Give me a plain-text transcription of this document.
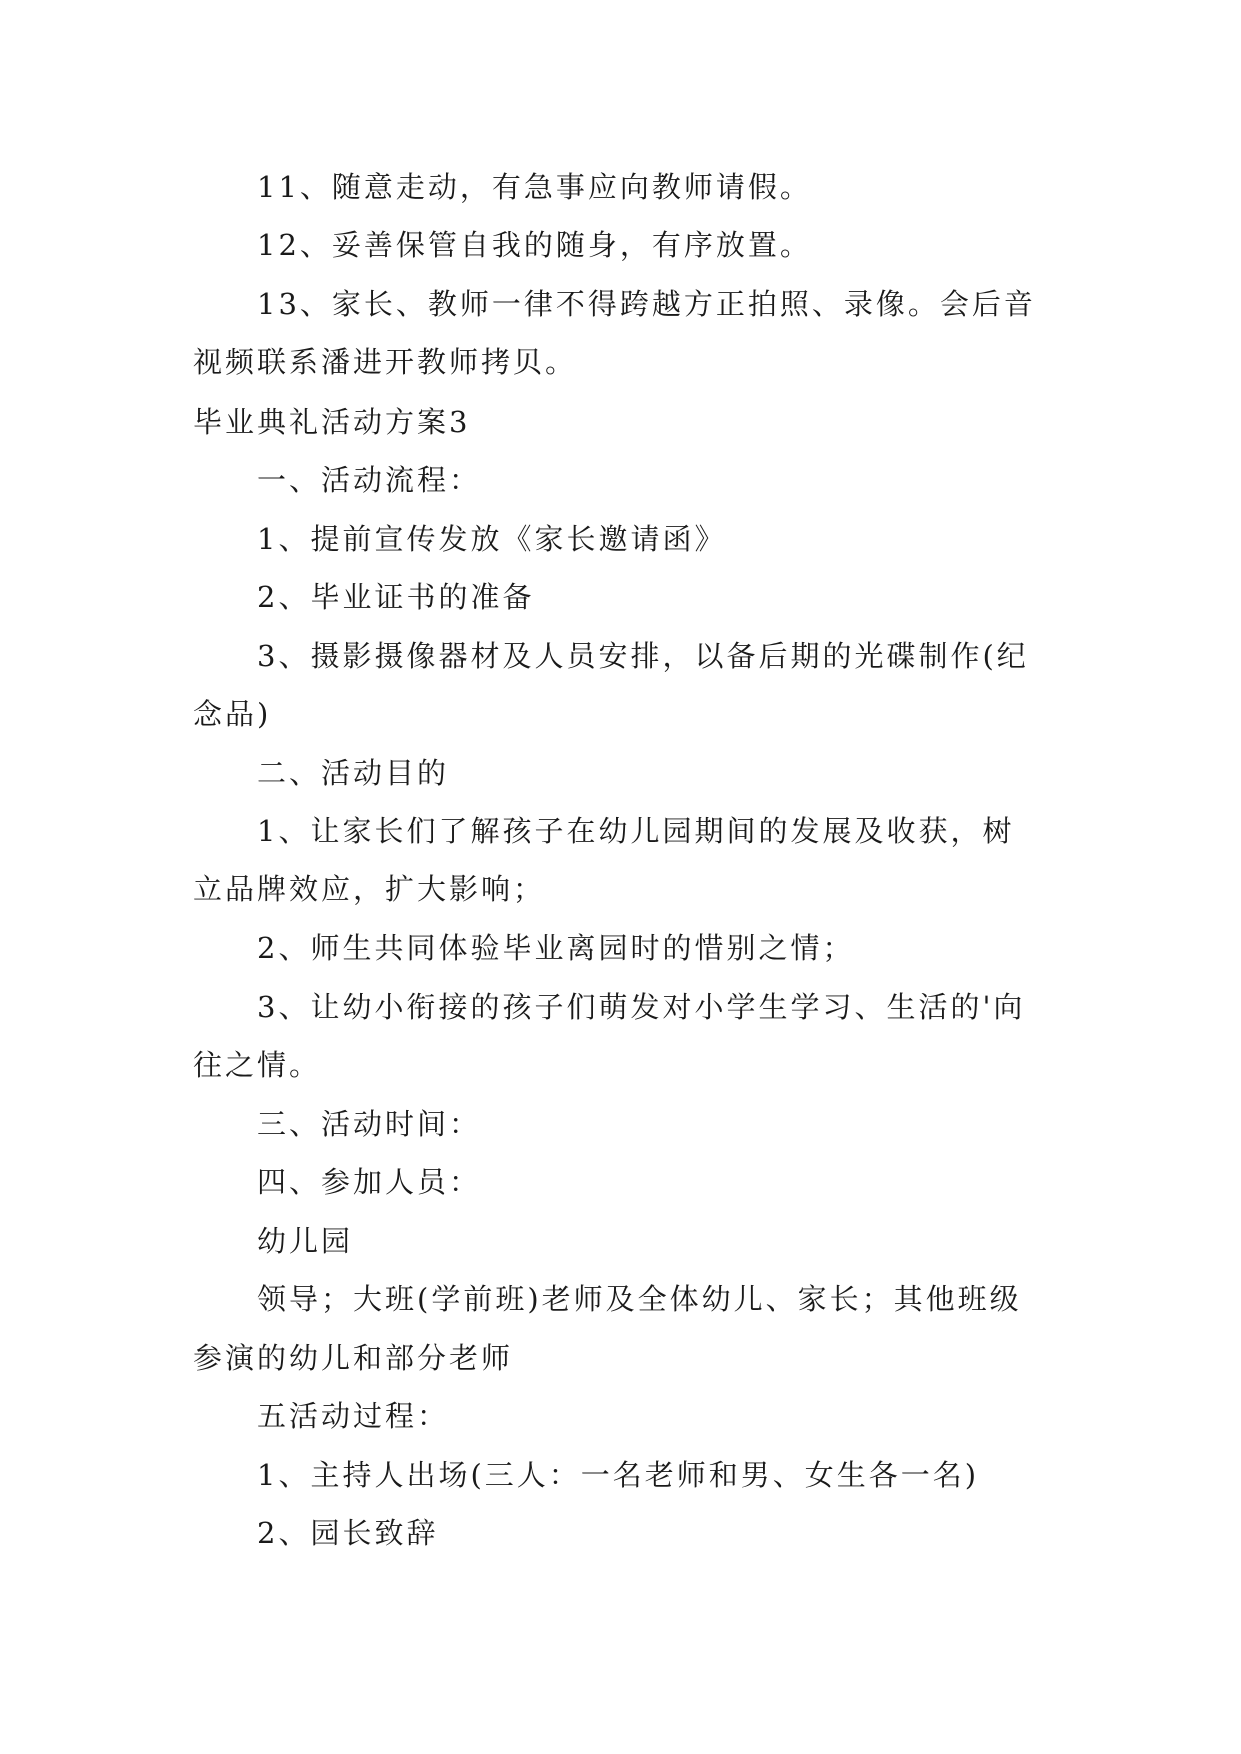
11、随意走动，有急事应向教师请假。
12、妥善保管自我的随身，有序放置。
13、家长、教师一律不得跨越方正拍照、录像。会后音
视频联系潘进开教师拷贝。
毕业典礼活动方案3
一、活动流程：
1、提前宣传发放《家长邀请函》
2、毕业证书的准备
3、摄影摄像器材及人员安排，以备后期的光碟制作(纪
念品)
二、活动目的
1、让家长们了解孩子在幼儿园期间的发展及收获，树
立品牌效应，扩大影响；
2、师生共同体验毕业离园时的惜别之情；
3、让幼小衔接的孩子们萌发对小学生学习、生活的'向
往之情。
三、活动时间：
四、参加人员：
幼儿园
领导；大班(学前班)老师及全体幼儿、家长；其他班级
参演的幼儿和部分老师
五活动过程：
1、主持人出场(三人：一名老师和男、女生各一名)
2、园长致辞
